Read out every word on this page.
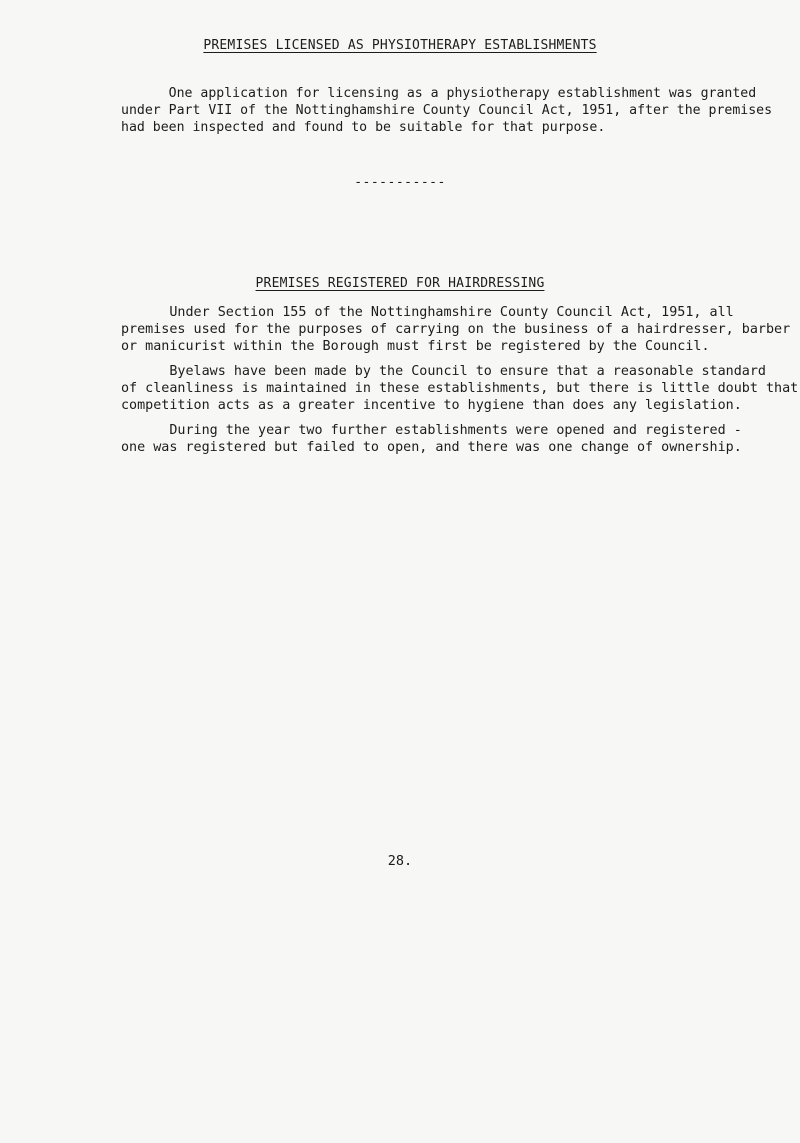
PREMISES LICENSED AS PHYSIOTHERAPY ESTABLISHMENTS

One application for licensing as a physiotherapy establishment was granted
under Part VII of the Nottinghamshire County Council Act, 1951, after the premises
had been inspected and found to be suitable for that purpose.

-----------
PREMISES REGISTERED FOR HAIRDRESSING

Under Section 155 of the Nottinghamshire County Council Act, 1951, all
premises used for the purposes of carrying on the business of a hairdresser, barber
or manicurist within the Borough must first be registered by the Council.

Byelaws have been made by the Council to ensure that a reasonable standard
of cleanliness is maintained in these establishments, but there is little doubt that
competition acts as a greater incentive to hygiene than does any legislation.

During the year two further establishments were opened and registered -
one was registered but failed to open, and there was one change of ownership.

28.
